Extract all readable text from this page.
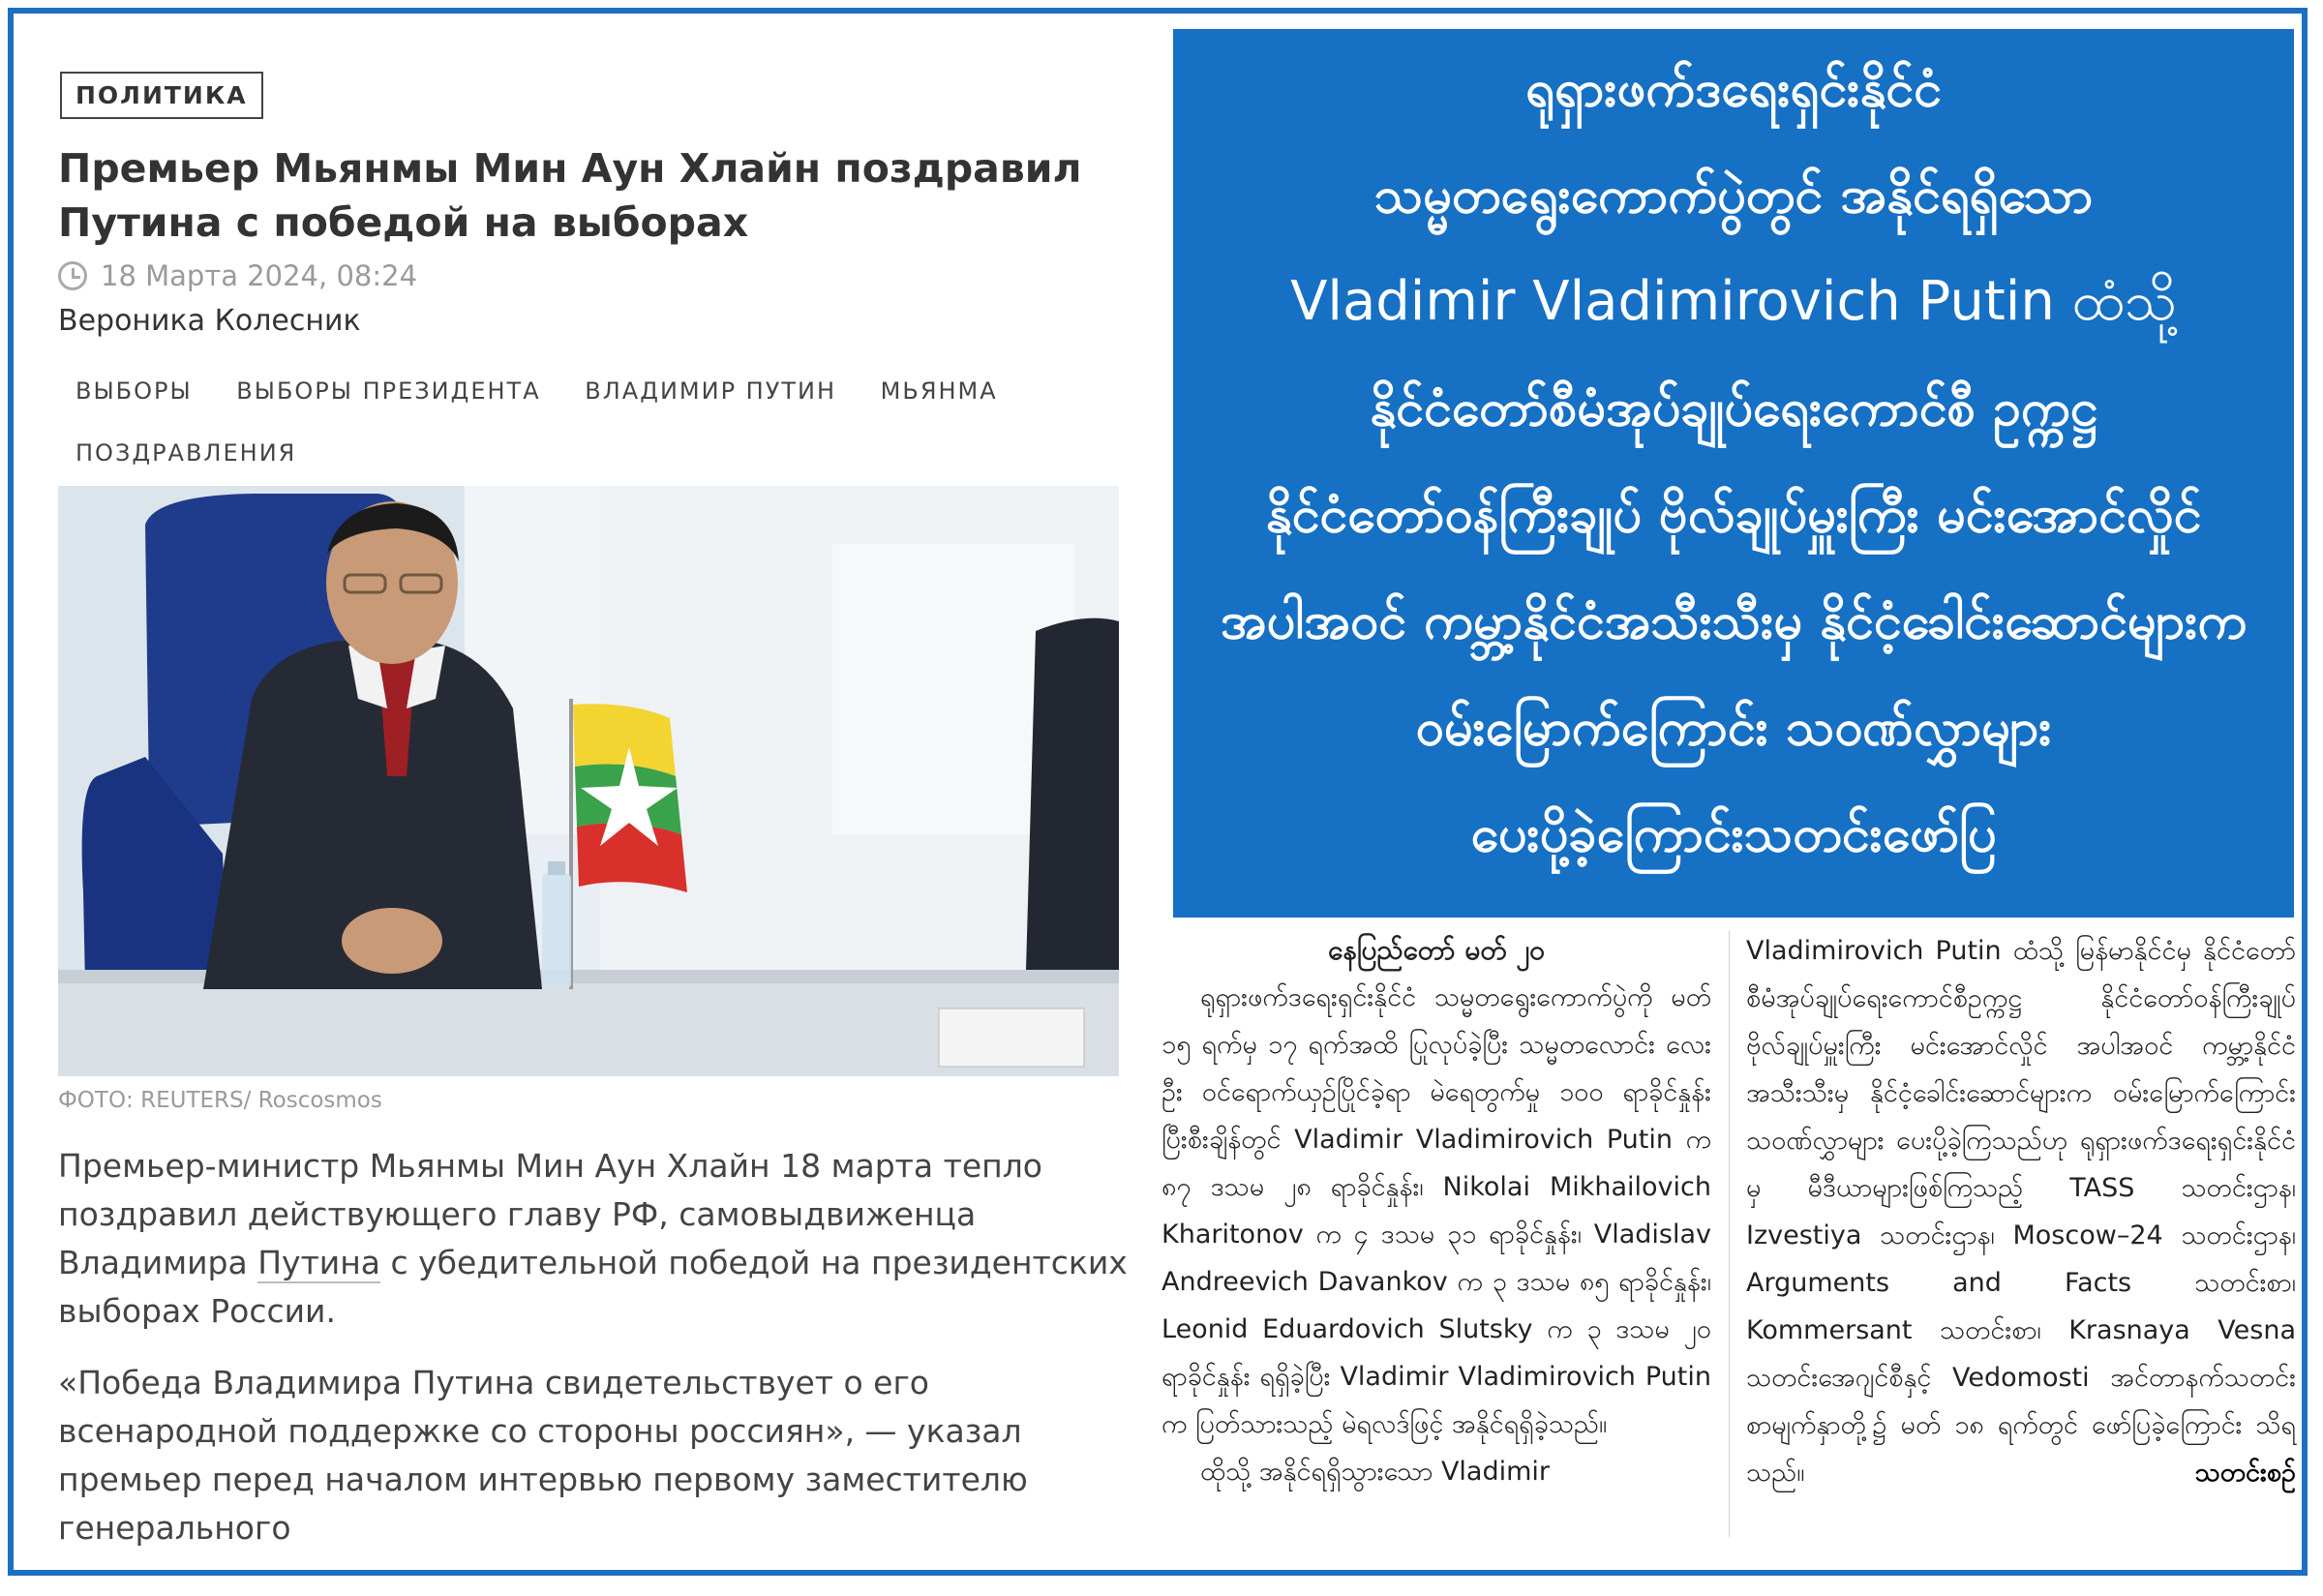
ПОЛИТИКА
Премьер Мьянмы Мин Аун Хлайн поздравил Путина с победой на выборах
18 Марта 2024, 08:24
Вероника Колесник
ВЫБОРЫ ВЫБОРЫ ПРЕЗИДЕНТА ВЛАДИМИР ПУТИН МЬЯНМА
ПОЗДРАВЛЕНИЯ
ФОТО: REUTERS/ Roscosmos
Премьер-министр Мьянмы Мин Аун Хлайн 18 марта тепло поздравил действующего главу РФ, самовыдвиженца Владимира Путина с убедительной победой на президентских выборах России.
«Победа Владимира Путина свидетельствует о его всенародной поддержке со стороны россиян», — указал премьер перед началом интервью первому заместителю генерального
ရုရှားဖက်ဒရေးရှင်းနိုင်ငံ
သမ္မတရွေးကောက်ပွဲတွင် အနိုင်ရရှိသော
Vladimir Vladimirovich Putin ထံသို့
နိုင်ငံတော်စီမံအုပ်ချုပ်ရေးကောင်စီ ဥက္ကဋ္ဌ
နိုင်ငံတော်ဝန်ကြီးချုပ် ဗိုလ်ချုပ်မှူးကြီး မင်းအောင်လှိုင်
အပါအဝင် ကမ္ဘာ့နိုင်ငံအသီးသီးမှ နိုင်ငံ့ခေါင်းဆောင်များက
ဝမ်းမြောက်ကြောင်း သဝဏ်လွှာများ
ပေးပို့ခဲ့ကြောင်းသတင်းဖော်ပြ
နေပြည်တော် မတ် ၂၀

ရုရှားဖက်ဒရေးရှင်းနိုင်ငံ သမ္မတရွေးကောက်ပွဲကို မတ် ၁၅ ရက်မှ ၁၇ ရက်အထိ ပြုလုပ်ခဲ့ပြီး သမ္မတလောင်း လေးဦး ဝင်ရောက်ယှဉ်ပြိုင်ခဲ့ရာ မဲရေတွက်မှု ၁၀၀ ရာခိုင်နှုန်းပြီးစီးချိန်တွင် Vladimir Vladimirovich Putin က ၈၇ ဒသမ ၂၈ ရာခိုင်နှုန်း၊ Nikolai Mikhailovich Kharitonov က ၄ ဒသမ ၃၁ ရာခိုင်နှုန်း၊ Vladislav Andreevich Davankov က ၃ ဒသမ ၈၅ ရာခိုင်နှုန်း၊ Leonid Eduardovich Slutsky က ၃ ဒသမ ၂၀ ရာခိုင်နှုန်း ရရှိခဲ့ပြီး Vladimir Vladimirovich Putin က ပြတ်သားသည့် မဲရလဒ်ဖြင့် အနိုင်ရရှိခဲ့သည်။

ထိုသို့ အနိုင်ရရှိသွားသော Vladimir

Vladimirovich Putin ထံသို့ မြန်မာနိုင်ငံမှ နိုင်ငံတော် စီမံအုပ်ချုပ်ရေးကောင်စီဥက္ကဋ္ဌ နိုင်ငံတော်ဝန်ကြီးချုပ် ဗိုလ်ချုပ်မှူးကြီး မင်းအောင်လှိုင် အပါအဝင် ကမ္ဘာ့နိုင်ငံအသီးသီးမှ နိုင်ငံ့ခေါင်းဆောင်များက ဝမ်းမြောက်ကြောင်း သဝဏ်လွှာများ ပေးပို့ခဲ့ကြသည်ဟု ရုရှားဖက်ဒရေးရှင်းနိုင်ငံမှ မီဒီယာများဖြစ်ကြသည့် TASS သတင်းဌာန၊ Izvestiya သတင်းဌာန၊ Moscow–24 သတင်းဌာန၊ Arguments and Facts သတင်းစာ၊ Kommersant သတင်းစာ၊ Krasnaya Vesna သတင်းအေဂျင်စီနှင့် Vedomosti အင်တာနက်သတင်း စာမျက်နှာတို့၌ မတ် ၁၈ ရက်တွင် ဖော်ပြခဲ့ကြောင်း သိရသည်။	သတင်းစဉ်
